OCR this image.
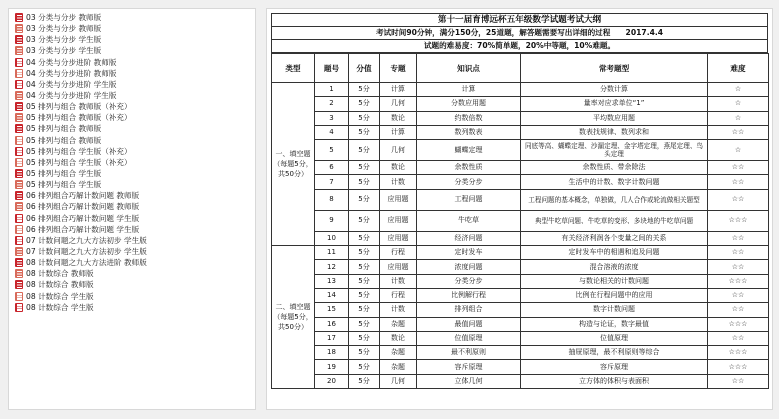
03 分类与分步 教师版
03 分类与分步 教师版
03 分类与分步 学生版
03 分类与分步 学生版
04 分类与分步进阶 教师版
04 分类与分步进阶 教师版
04 分类与分步进阶 学生版
04 分类与分步进阶 学生版
05 排列与组合 教师版（补充）
05 排列与组合 教师版（补充）
05 排列与组合 教师版
05 排列与组合 教师版
05 排列与组合 学生版（补充）
05 排列与组合 学生版（补充）
05 排列与组合 学生版
05 排列与组合 学生版
06 排列组合巧解计数问题 教师版
06 排列组合巧解计数问题 教师版
06 排列组合巧解计数问题 学生版
06 排列组合巧解计数问题 学生版
07 计数问题之九大方法初步 学生版
07 计数问题之九大方法初步 学生版
08 计数问题之九大方法进阶 教师版
08 计数综合 教师版
08 计数综合 教师版
08 计数综合 学生版
08 计数综合 学生版
第十一届育博远杯五年级数学试题考试大纲
考试时间90分钟，满分150分，25道题，解答题需要写出详细的过程　　2017.4.4
试题的难易度：70%简单题，20%中等题，10%难题。
类型	题号	分值	专题	知识点	常考题型	难度
一、填空题（每题5分，共50分）	1	5分	计算	计算	分数计算	☆
	2	5分	几何	分数应用题	量率对应求单位“1”	☆
	3	5分	数论	约数倍数	平均数应用题	☆
	4	5分	计算	数列数表	数表找规律、数列求和	☆☆
	5	5分	几何	蝴蝶定理	同底等高、蝴蝶定理、沙漏定理、金字塔定理，燕尾定理、鸟头定理	☆
	6	5分	数论	余数性质	余数性质、带余除法	☆☆
	7	5分	计数	分类分步	生活中的计数、数字计数问题	☆☆
	8	5分	应用题	工程问题	工程问题的基本概念，单独做，几人合作或轮流做相关题型	☆☆
	9	5分	应用题	牛吃草	典型牛吃草问题、牛吃草的变形、多块地的牛吃草问题	☆☆☆
	10	5分	应用题	经济问题	有关经济利润各个变量之间的关系	☆☆
二、填空题（每题5分，共50分）	11	5分	行程	定时发车	定时发车中的相遇和追及问题	☆☆
	12	5分	应用题	浓度问题	混合溶液的浓度	☆☆
	13	5分	计数	分类分步	与数论相关的计数问题	☆☆☆
	14	5分	行程	比例解行程	比例在行程问题中的应用	☆☆
	15	5分	计数	排列组合	数字计数问题	☆☆
	16	5分	杂题	最值问题	构造与论证，数字最值	☆☆☆
	17	5分	数论	位值原理	位值原理	☆☆
	18	5分	杂题	最不利原则	抽屉原理，最不利原则等综合	☆☆☆
	19	5分	杂题	容斥原理	容斥原理	☆☆☆
	20	5分	几何	立体几何	立方体的体积与表面积	☆☆
